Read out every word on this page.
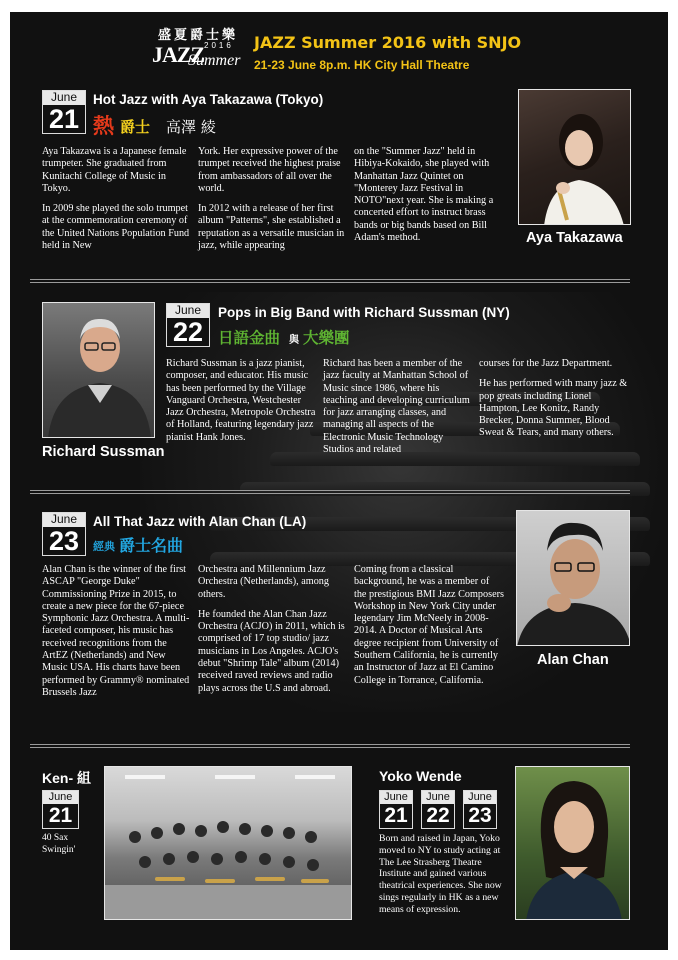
盛夏爵士樂
JAZZ 2016
Summer
JAZZ Summer 2016 with SNJO
21-23 June 8p.m. HK City Hall Theatre
June
21
Hot Jazz with Aya Takazawa (Tokyo)
熱 爵士 高澤 綾

Aya Takazawa is a Japanese female trumpeter. She graduated from Kunitachi College of Music in Tokyo.

In 2009 she played the solo trumpet at the commemoration ceremony of the United Nations Population Fund held in New

York. Her expressive power of the trumpet received the highest praise from ambassadors of all over the world.

In 2012 with a release of her first album "Patterns", she established a reputation as a versatile musician in jazz, while appearing

on the "Summer Jazz" held in Hibiya-Kokaido, she played with Manhattan Jazz Quintet on "Monterey Jazz Festival in NOTO"next year. She is making a concerted effort to instruct brass bands or big bands based on Bill Adam's method.	Aya Takazawa
Richard Sussman
June
22
Pops in Big Band with Richard Sussman (NY)
日語金曲 與 大樂團

Richard Sussman is a jazz pianist, composer, and educator. His music has been performed by the Village Vanguard Orchestra, Westchester Jazz Orchestra, Metropole Orchestra of Holland, featuring legendary jazz pianist Hank Jones.

Richard has been a member of the jazz faculty at Manhattan School of Music since 1986, where his teaching and developing curriculum for jazz arranging classes, and managing all aspects of the Electronic Music Technology Studios and related

courses for the Jazz Department.

He has performed with many jazz & pop greats including Lionel Hampton, Lee Konitz, Randy Brecker, Donna Summer, Blood Sweat & Tears, and many others.

June
23
All That Jazz with Alan Chan (LA)
經典 爵士名曲

Alan Chan is the winner of the first ASCAP "George Duke" Commissioning Prize in 2015, to create a new piece for the 67-piece Symphonic Jazz Orchestra. A multi-faceted composer, his music has received recognitions from the ArtEZ (Netherlands) and New Music USA. His charts have been performed by Grammy® nominated Brussels Jazz

Orchestra and Millennium Jazz Orchestra (Netherlands), among others.

He founded the Alan Chan Jazz Orchestra (ACJO) in 2011, which is comprised of 17 top studio/ jazz musicians in Los Angeles. ACJO's debut "Shrimp Tale" album (2014) received raved reviews and radio plays across the U.S and abroad.

Coming from a classical background, he was a member of the prestigious BMI Jazz Composers Workshop in New York City under legendary Jim McNeely in 2008-2014. A Doctor of Musical Arts degree recipient from University of Southern California, he is currently an Instructor of Jazz at El Camino College in Torrance, California.

Alan Chan
Ken- 組
June
21
40 Sax Swingin'
Yoko Wende
June
21
June
22
June
23
Born and raised in Japan, Yoko moved to NY to study acting at The Lee Strasberg Theatre Institute and gained various theatrical experiences. She now sings regularly in HK as a new means of expression.
